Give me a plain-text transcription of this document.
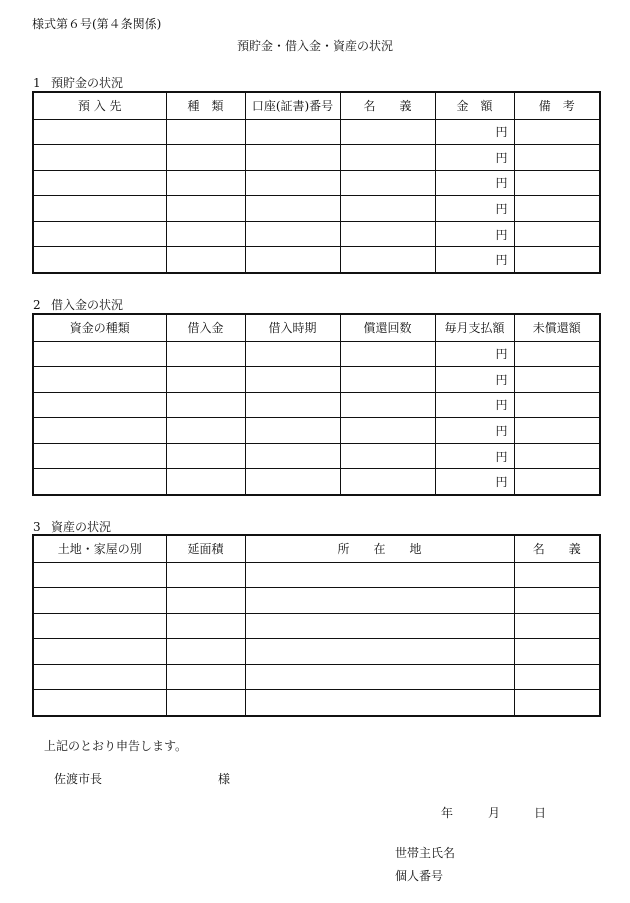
様式第６号(第４条関係)
預貯金・借入金・資産の状況
1 預貯金の状況
預 入 先	種　類	口座(証書)番号	名　　義	金　額	備　考
				円	
				円	
				円	
				円	
				円	
				円	
2 借入金の状況
資金の種類	借入金	借入時期	償還回数	毎月支払額	未償還額
				円	
				円	
				円	
				円	
				円	
				円	
3 資産の状況
土地・家屋の別	延面積	所　　在　　地	名　　義

上記のとおり申告します。
佐渡市長	様
年	月	日
世帯主氏名
個人番号
